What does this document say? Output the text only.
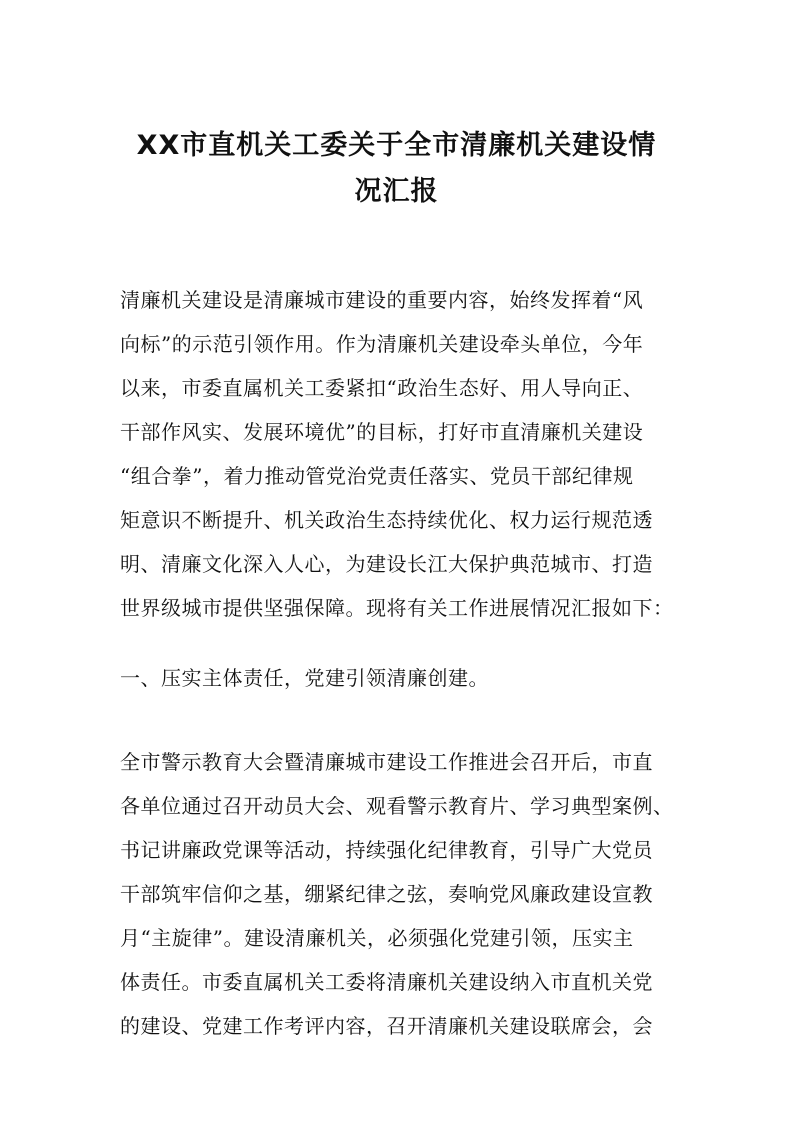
XX市直机关工委关于全市清廉机关建设情
况汇报

清廉机关建设是清廉城市建设的重要内容，始终发挥着“风

向标”的示范引领作用。作为清廉机关建设牵头单位，今年

以来，市委直属机关工委紧扣“政治生态好、用人导向正、

干部作风实、发展环境优”的目标，打好市直清廉机关建设

“组合拳”，着力推动管党治党责任落实、党员干部纪律规

矩意识不断提升、机关政治生态持续优化、权力运行规范透

明、清廉文化深入人心，为建设长江大保护典范城市、打造

世界级城市提供坚强保障。现将有关工作进展情况汇报如下：

一、压实主体责任，党建引领清廉创建。

全市警示教育大会暨清廉城市建设工作推进会召开后，市直

各单位通过召开动员大会、观看警示教育片、学习典型案例、

书记讲廉政党课等活动，持续强化纪律教育，引导广大党员

干部筑牢信仰之基，绷紧纪律之弦，奏响党风廉政建设宣教

月“主旋律”。建设清廉机关，必须强化党建引领，压实主

体责任。市委直属机关工委将清廉机关建设纳入市直机关党

的建设、党建工作考评内容，召开清廉机关建设联席会，会
